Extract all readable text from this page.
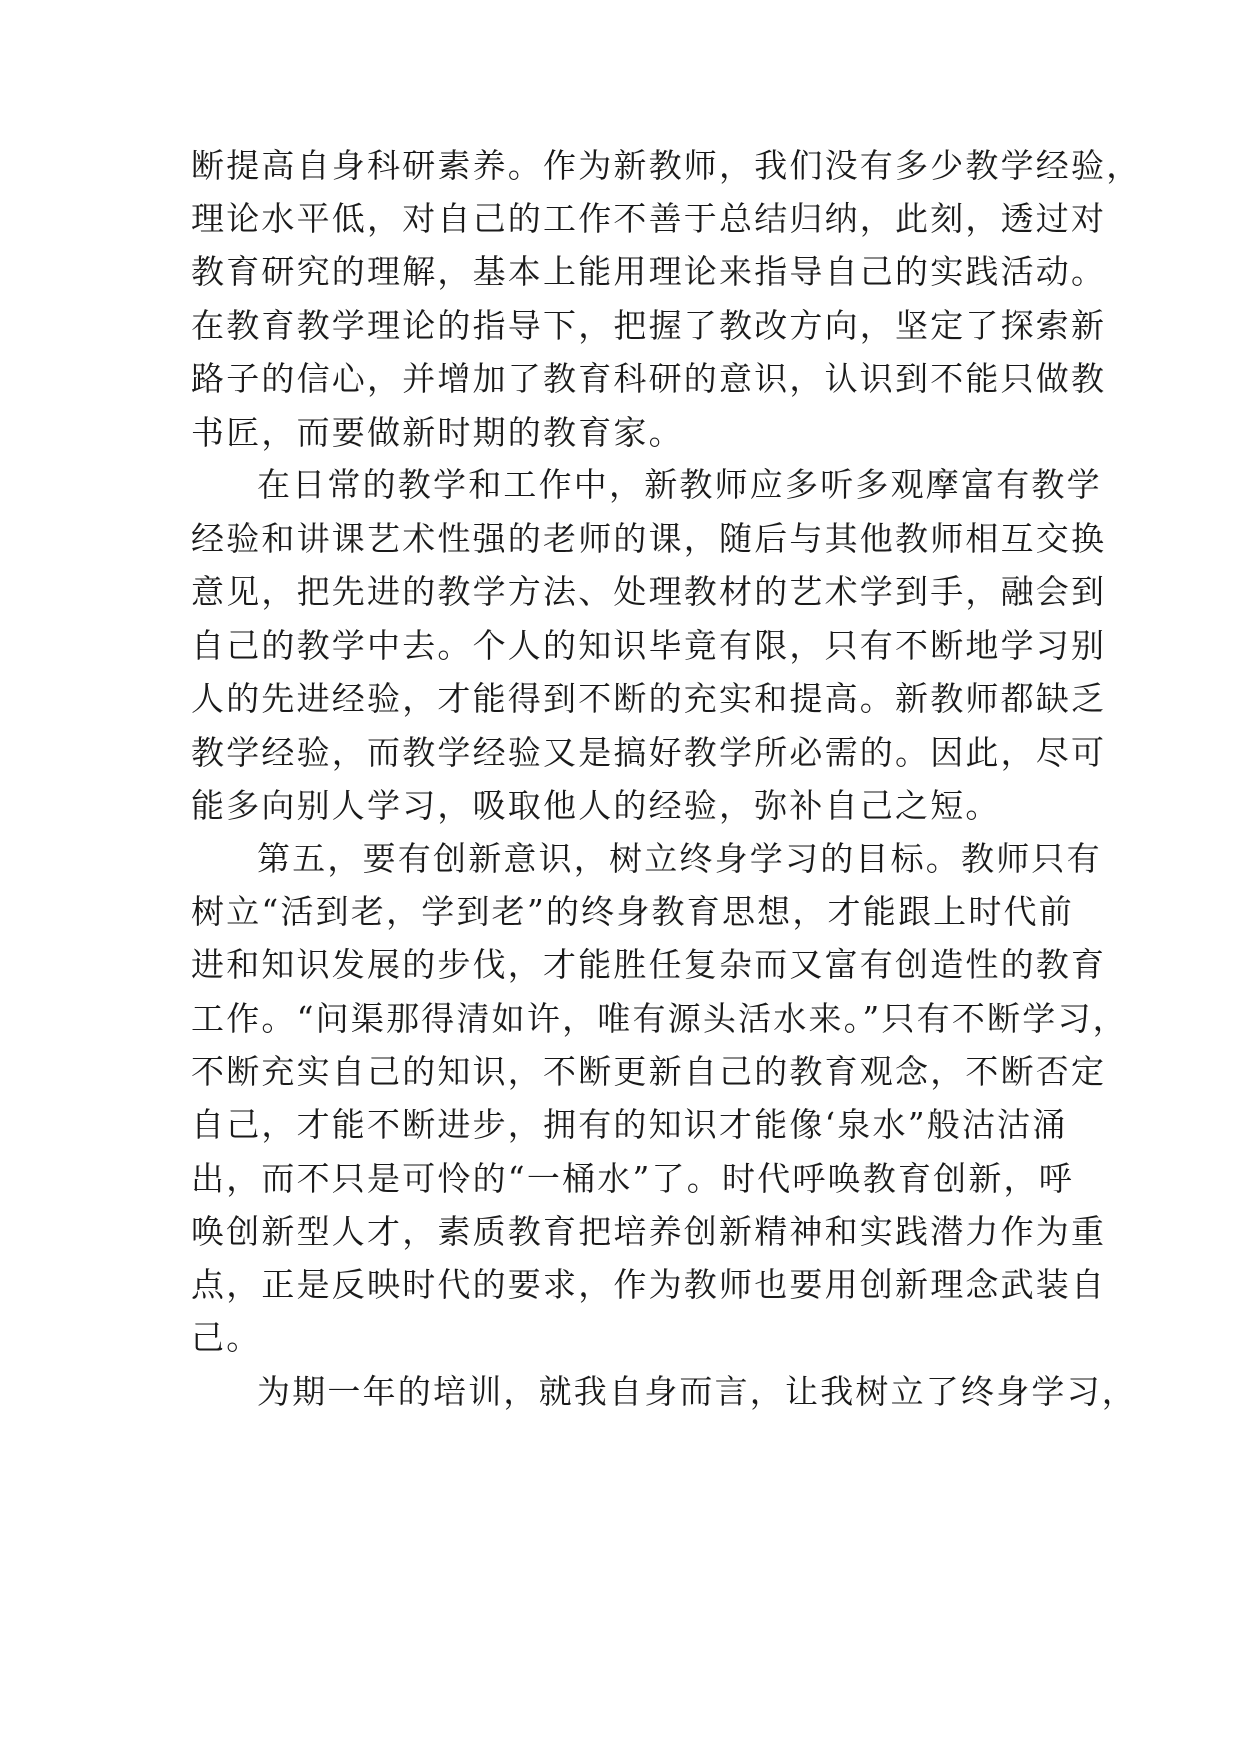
断提高自身科研素养。作为新教师，我们没有多少教学经验，
理论水平低，对自己的工作不善于总结归纳，此刻，透过对
教育研究的理解，基本上能用理论来指导自己的实践活动。
在教育教学理论的指导下，把握了教改方向，坚定了探索新
路子的信心，并增加了教育科研的意识，认识到不能只做教
书匠，而要做新时期的教育家。
在日常的教学和工作中，新教师应多听多观摩富有教学
经验和讲课艺术性强的老师的课，随后与其他教师相互交换
意见，把先进的教学方法、处理教材的艺术学到手，融会到
自己的教学中去。个人的知识毕竟有限，只有不断地学习别
人的先进经验，才能得到不断的充实和提高。新教师都缺乏
教学经验，而教学经验又是搞好教学所必需的。因此，尽可
能多向别人学习，吸取他人的经验，弥补自己之短。
第五，要有创新意识，树立终身学习的目标。教师只有
树立“活到老，学到老”的终身教育思想，才能跟上时代前
进和知识发展的步伐，才能胜任复杂而又富有创造性的教育
工作。“问渠那得清如许，唯有源头活水来。”只有不断学习，
不断充实自己的知识，不断更新自己的教育观念，不断否定
自己，才能不断进步，拥有的知识才能像‘泉水”般沽沽涌
出，而不只是可怜的“一桶水”了。时代呼唤教育创新，呼
唤创新型人才，素质教育把培养创新精神和实践潜力作为重
点，正是反映时代的要求，作为教师也要用创新理念武装自
己。
为期一年的培训，就我自身而言，让我树立了终身学习，
